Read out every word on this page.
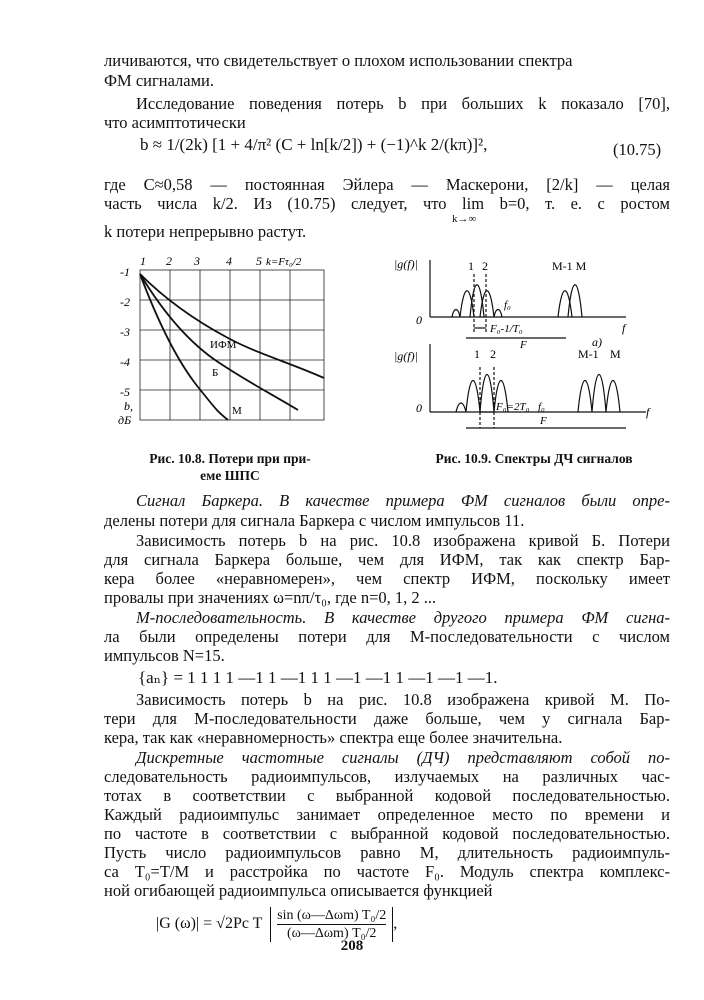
личиваются, что свидетельствует о плохом использовании спектра
ФМ сигналами.
Исследование поведения потерь b при больших k показало [70],
что асимптотически
b ≈ 1/(2k) [1 + 4/π² (C + ln[k/2]) + (−1)^k 2/(kπ)]²,	(10.75)
где C≈0,58 — постоянная Эйлера — Маскерони, [2/k] — целая
часть числа k/2. Из (10.75) следует, что lim b=0, т. е. с ростом
k→∞
k потери непрерывно растут.
1 2 3 4 5 k=Fτ₀/2
-1
-2
-3
-4
-5
b,
дБ
ИФМ
Б
М
Рис. 10.8. Потери при при-
еме ШПС
|g(f)|	1 2	M-1 M
0
f
f₀
F₀-1/T₀
F	а)
|g(f)|	1 2	M-1 M
0	f
F₀=2T₀ f₀
F
Рис. 10.9. Спектры ДЧ сигналов
Сигнал Баркера. В качестве примера ФМ сигналов были опре-
делены потери для сигнала Баркера с числом импульсов 11.
Зависимость потерь b на рис. 10.8 изображена кривой Б. Потери
для сигнала Баркера больше, чем для ИФМ, так как спектр Бар-
кера более «неравномерен», чем спектр ИФМ, поскольку имеет
провалы при значениях ω=nπ/τ₀, где n=0, 1, 2 ...
М-последовательность. В качестве другого примера ФМ сигна-
ла были определены потери для М-последовательности с числом
импульсов N=15.
{aₙ} = 1 1 1 1 —1 1 —1 1 1 —1 —1 1 —1 —1 —1.
Зависимость потерь b на рис. 10.8 изображена кривой М. По-
тери для М-последовательности даже больше, чем у сигнала Бар-
кера, так как «неравномерность» спектра еще более значительна.
Дискретные частотные сигналы (ДЧ) представляют собой по-
следовательность радиоимпульсов, излучаемых на различных час-
тотах в соответствии с выбранной кодовой последовательностью.
Каждый радиоимпульс занимает определенное место по времени и
по частоте в соответствии с выбранной кодовой последовательностью.
Пусть число радиоимпульсов равно М, длительность радиоимпуль-
са T₀=T/M и расстройка по частоте F₀. Модуль спектра комплекс-
ной огибающей радиоимпульса описывается функцией
|G (ω)| = √2Pc T sin (ω—Δωm) T₀/2
(ω—Δωm) T₀/2
,
208
